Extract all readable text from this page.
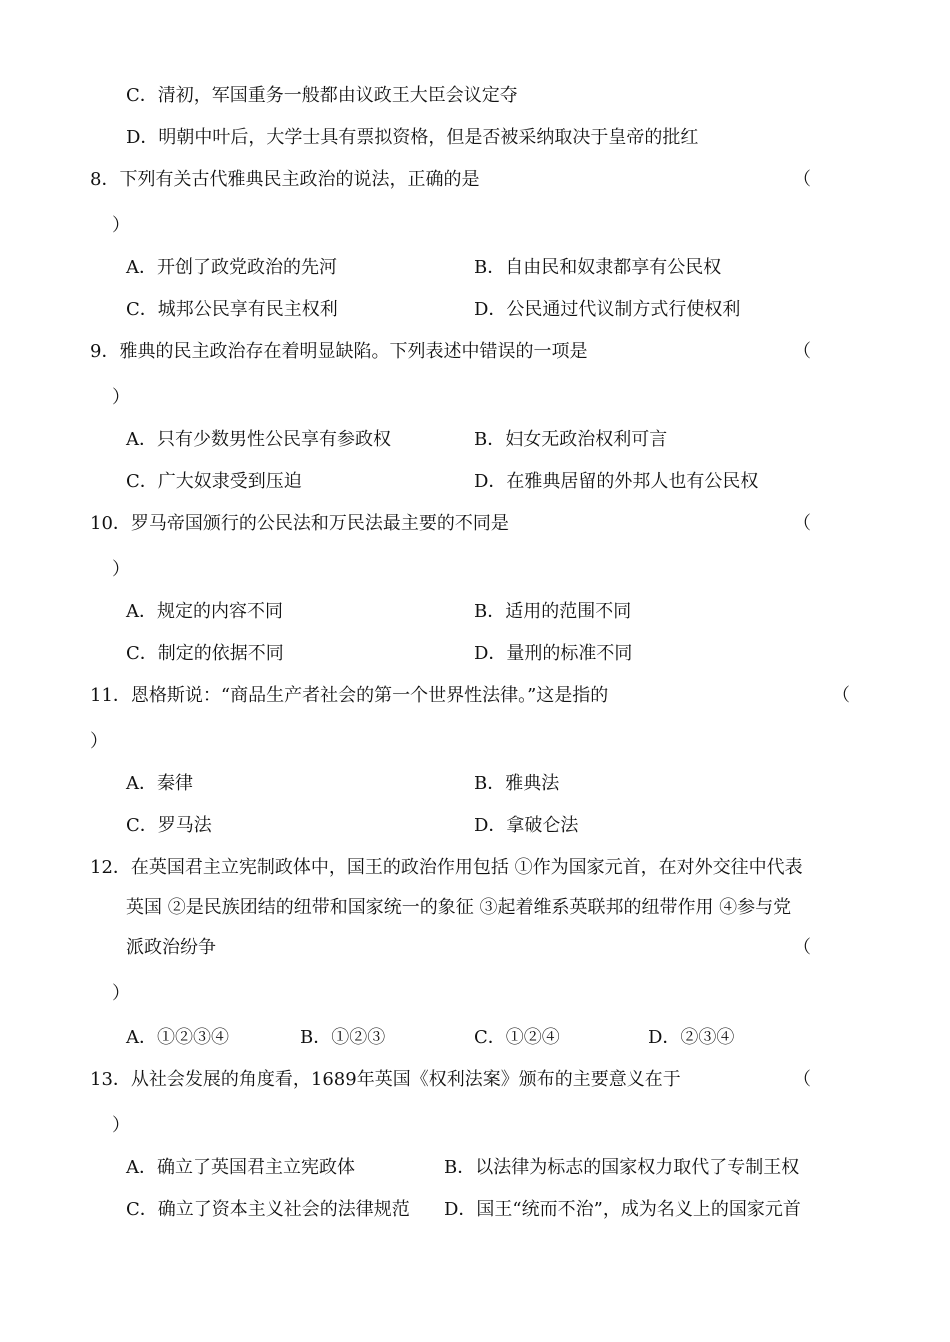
C．清初，军国重务一般都由议政王大臣会议定夺
D．明朝中叶后，大学士具有票拟资格，但是否被采纳取决于皇帝的批红
8．下列有关古代雅典民主政治的说法，正确的是	（
）
A．开创了政党政治的先河	B．自由民和奴隶都享有公民权
C．城邦公民享有民主权利	D．公民通过代议制方式行使权利
9．雅典的民主政治存在着明显缺陷。下列表述中错误的一项是	（
）
A．只有少数男性公民享有参政权	B．妇女无政治权利可言
C．广大奴隶受到压迫	D．在雅典居留的外邦人也有公民权
10．罗马帝国颁行的公民法和万民法最主要的不同是	（
）
A．规定的内容不同	B．适用的范围不同
C．制定的依据不同	D．量刑的标准不同
11．恩格斯说：“商品生产者社会的第一个世界性法律。”这是指的	（
）
A．秦律	B．雅典法
C．罗马法	D．拿破仑法
12．在英国君主立宪制政体中，国王的政治作用包括 ①作为国家元首，在对外交往中代表
英国 ②是民族团结的纽带和国家统一的象征 ③起着维系英联邦的纽带作用 ④参与党
派政治纷争	（
）
A．①②③④	B．①②③	C．①②④	D．②③④
13．从社会发展的角度看，1689年英国《权利法案》颁布的主要意义在于	（
）
A．确立了英国君主立宪政体	B．以法律为标志的国家权力取代了专制王权
C．确立了资本主义社会的法律规范 D．国王“统而不治”，成为名义上的国家元首
